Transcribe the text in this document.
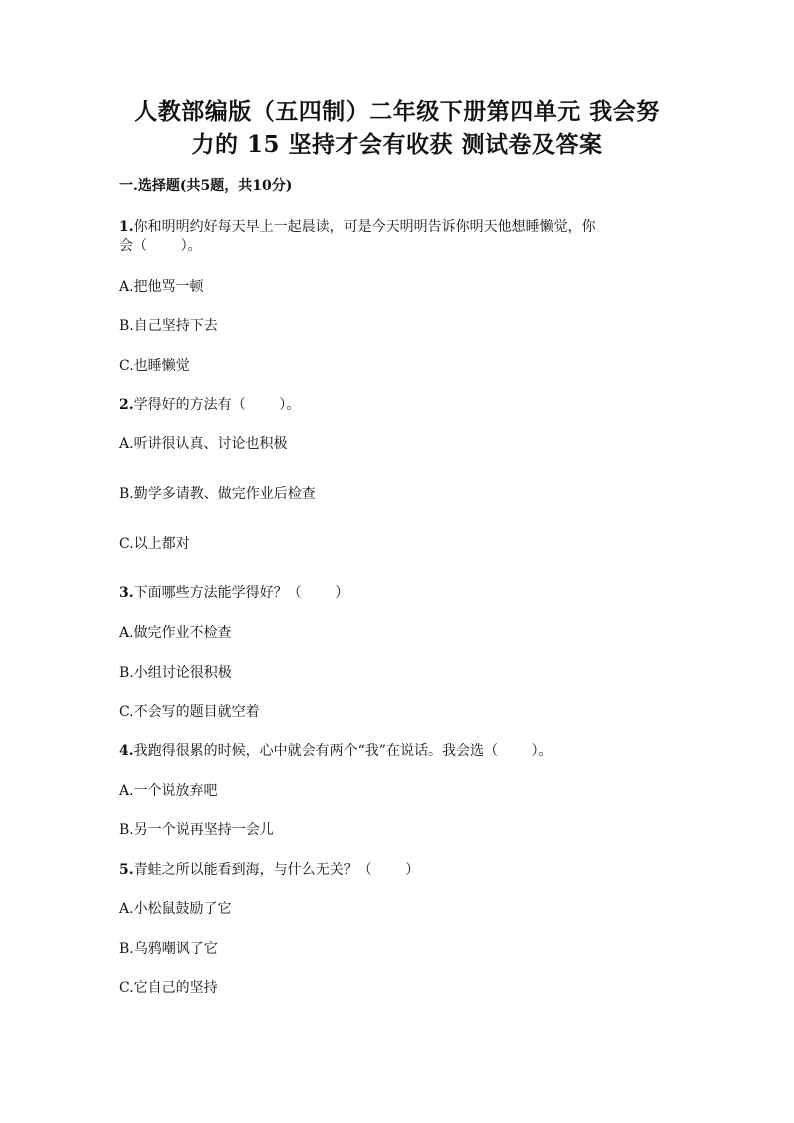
人教部编版（五四制）二年级下册第四单元 我会努
力的 15 坚持才会有收获 测试卷及答案
一.选择题(共5题，共10分)
1.你和明明约好每天早上一起晨读，可是今天明明告诉你明天他想睡懒觉，你
会（ ）。
A.把他骂一顿
B.自己坚持下去
C.也睡懒觉
2.学得好的方法有（ ）。
A.听讲很认真、讨论也积极
B.勤学多请教、做完作业后检查
C.以上都对
3.下面哪些方法能学得好？（ ）
A.做完作业不检查
B.小组讨论很积极
C.不会写的题目就空着
4.我跑得很累的时候，心中就会有两个“我”在说话。我会选（ ）。
A.一个说放弃吧
B.另一个说再坚持一会儿
5.青蛙之所以能看到海，与什么无关？（ ）
A.小松鼠鼓励了它
B.乌鸦嘲讽了它
C.它自己的坚持
